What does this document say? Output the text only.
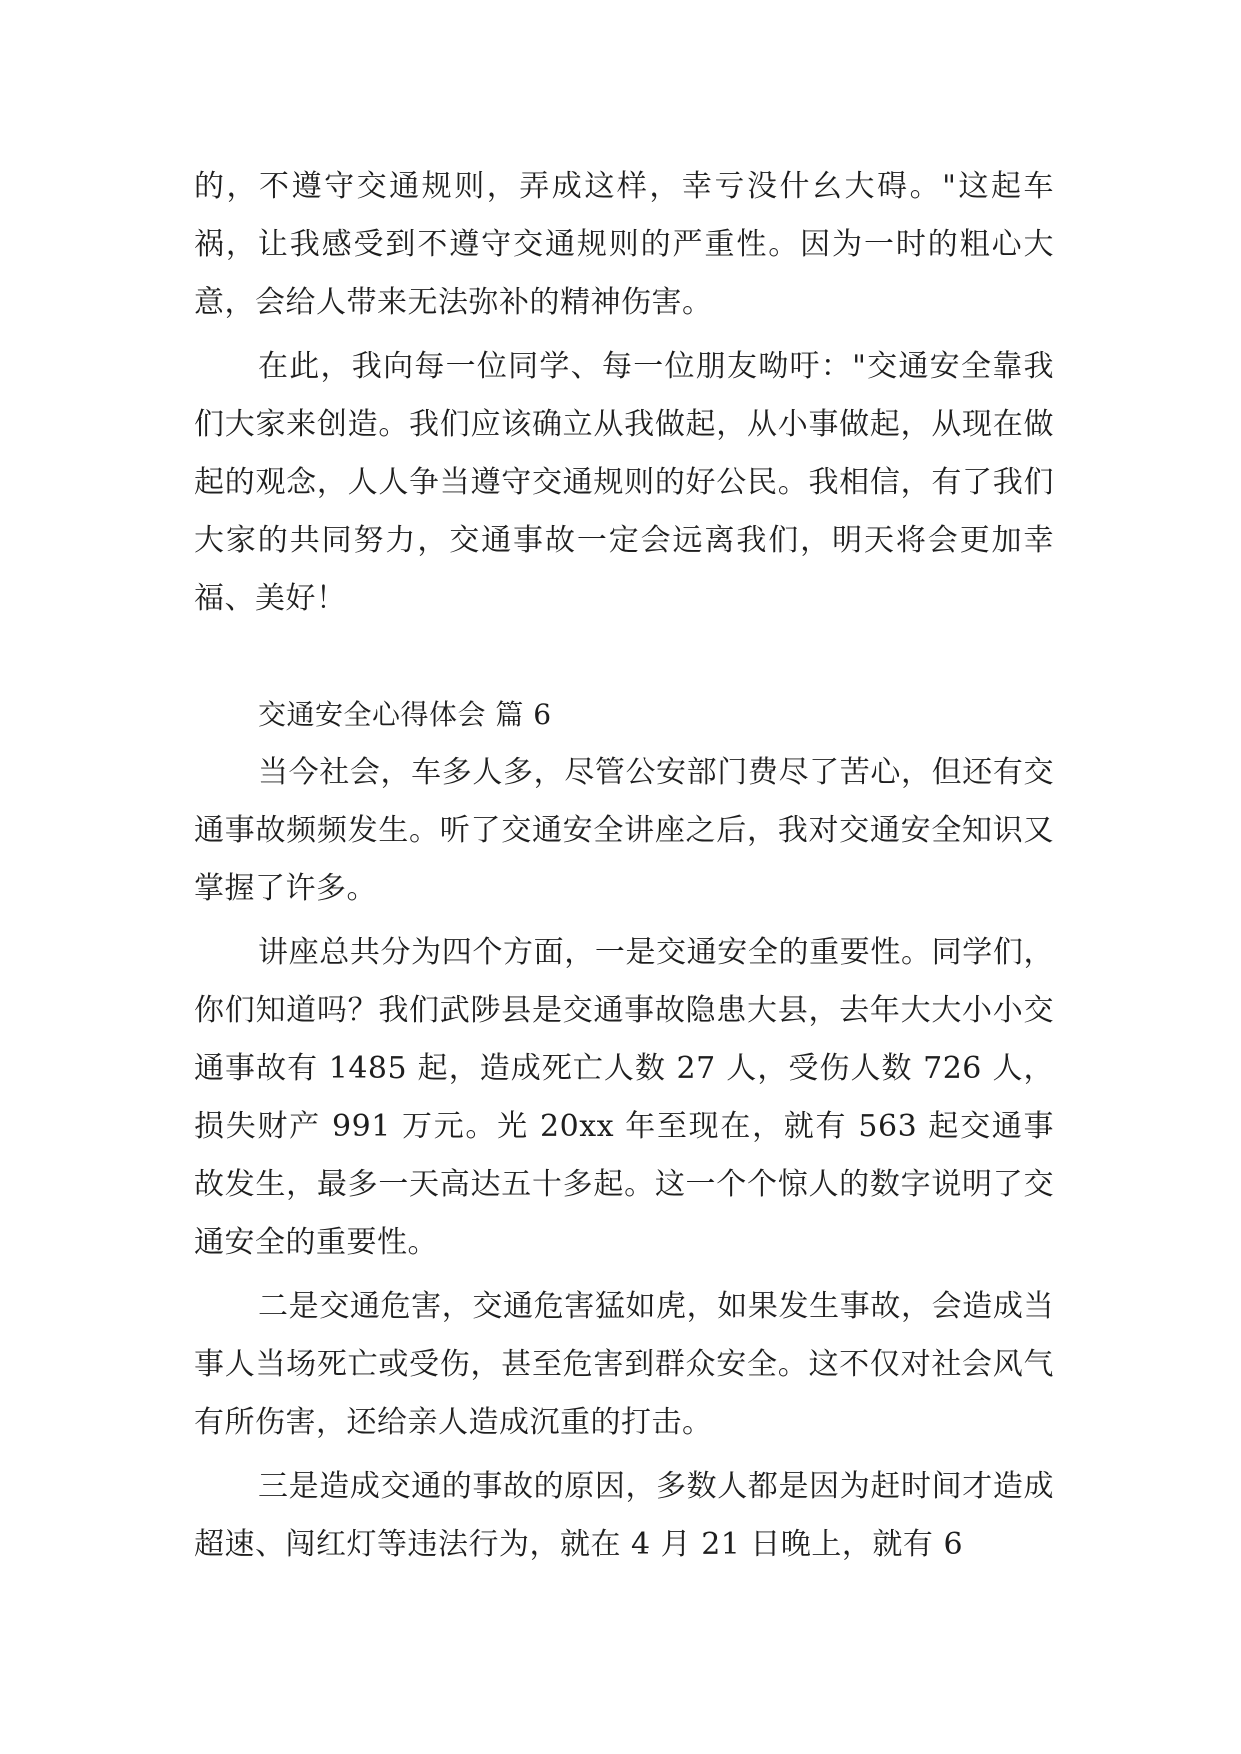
的，不遵守交通规则，弄成这样，幸亏没什幺大碍。"这起车祸，让我感受到不遵守交通规则的严重性。因为一时的粗心大意，会给人带来无法弥补的精神伤害。

在此，我向每一位同学、每一位朋友呦吁："交通安全靠我们大家来创造。我们应该确立从我做起，从小事做起，从现在做起的观念，人人争当遵守交通规则的好公民。我相信，有了我们大家的共同努力，交通事故一定会远离我们，明天将会更加幸福、美好！

交通安全心得体会 篇 6

当今社会，车多人多，尽管公安部门费尽了苦心，但还有交通事故频频发生。听了交通安全讲座之后，我对交通安全知识又掌握了许多。

讲座总共分为四个方面，一是交通安全的重要性。同学们，你们知道吗？我们武陟县是交通事故隐患大县，去年大大小小交通事故有 1485 起，造成死亡人数 27 人，受伤人数 726 人，损失财产 991 万元。光 20xx 年至现在，就有 563 起交通事故发生，最多一天高达五十多起。这一个个惊人的数字说明了交通安全的重要性。

二是交通危害，交通危害猛如虎，如果发生事故，会造成当事人当场死亡或受伤，甚至危害到群众安全。这不仅对社会风气有所伤害，还给亲人造成沉重的打击。

三是造成交通的事故的原因，多数人都是因为赶时间才造成超速、闯红灯等违法行为，就在 4 月 21 日晚上，就有 6
